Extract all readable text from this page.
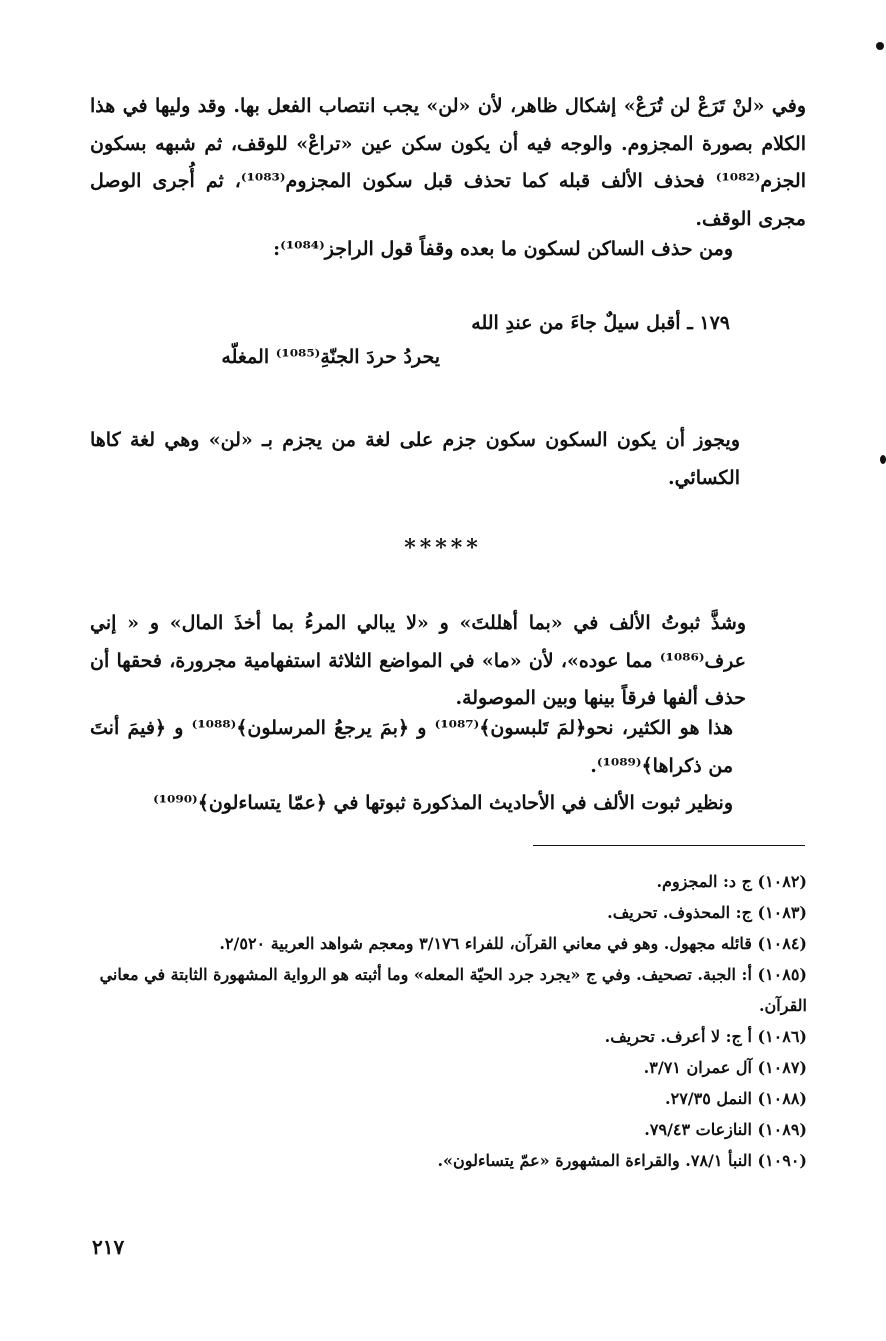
وفي «لنْ تَرَعْ لن تُرَعْ» إشكال ظاهر، لأن «لن» يجب انتصاب الفعل بها. وقد وليها في هذا الكلام بصورة المجزوم. والوجه فيه أن يكون سكن عين «تراعْ» للوقف، ثم شبهه بسكون الجزم⁽¹⁰⁸²⁾ فحذف الألف قبله كما تحذف قبل سكون المجزوم⁽¹⁰⁸³⁾، ثم أُجرى الوصل مجرى الوقف.

ومن حذف الساكن لسكون ما بعده وقفاً قول الراجز⁽¹⁰⁸⁴⁾:

١٧٩ ـ أقبل سيلٌ جاءَ من عندِ الله

يحردُ حردَ الجنّةِ⁽¹⁰⁸⁵⁾ المغلّه

ويجوز أن يكون السكون سكون جزم على لغة من يجزم بـ «لن» وهي لغة كاها الكسائي.

*****

وشذَّ ثبوتُ الألف في «بما أهللتَ» و «لا يبالي المرءُ بما أخذَ المال» و « إني عرف⁽¹⁰⁸⁶⁾ مما عوده»، لأن «ما» في المواضع الثلاثة استفهامية مجرورة، فحقها أن حذف ألفها فرقاً بينها وبين الموصولة.

هذا هو الكثير، نحو﴿لمَ تَلبسون﴾⁽¹⁰⁸⁷⁾ و ﴿بمَ يرجعُ المرسلون﴾⁽¹⁰⁸⁸⁾ و ﴿فيمَ أنتَ من ذكراها﴾⁽¹⁰⁸⁹⁾.

ونظير ثبوت الألف في الأحاديث المذكورة ثبوتها في ﴿عمّا يتساءلون﴾⁽¹⁰⁹⁰⁾

(١٠٨٢) ج د: المجزوم.
(١٠٨٣) ج: المحذوف. تحريف.
(١٠٨٤) قائله مجهول. وهو في معاني القرآن، للفراء ٣/١٧٦ ومعجم شواهد العربية ٢/٥٢٠.
(١٠٨٥) أ: الجبة. تصحيف. وفي ج «يجرد جرد الحيّة المعله» وما أثبته هو الرواية المشهورة الثابتة في معاني القرآن.
(١٠٨٦) أ ج: لا أعرف. تحريف.
(١٠٨٧) آل عمران ٣/٧١.
(١٠٨٨) النمل ٢٧/٣٥.
(١٠٨٩) النازعات ٧٩/٤٣.
(١٠٩٠) النبأ ٧٨/١. والقراءة المشهورة «عمّ يتساءلون».
٢١٧
